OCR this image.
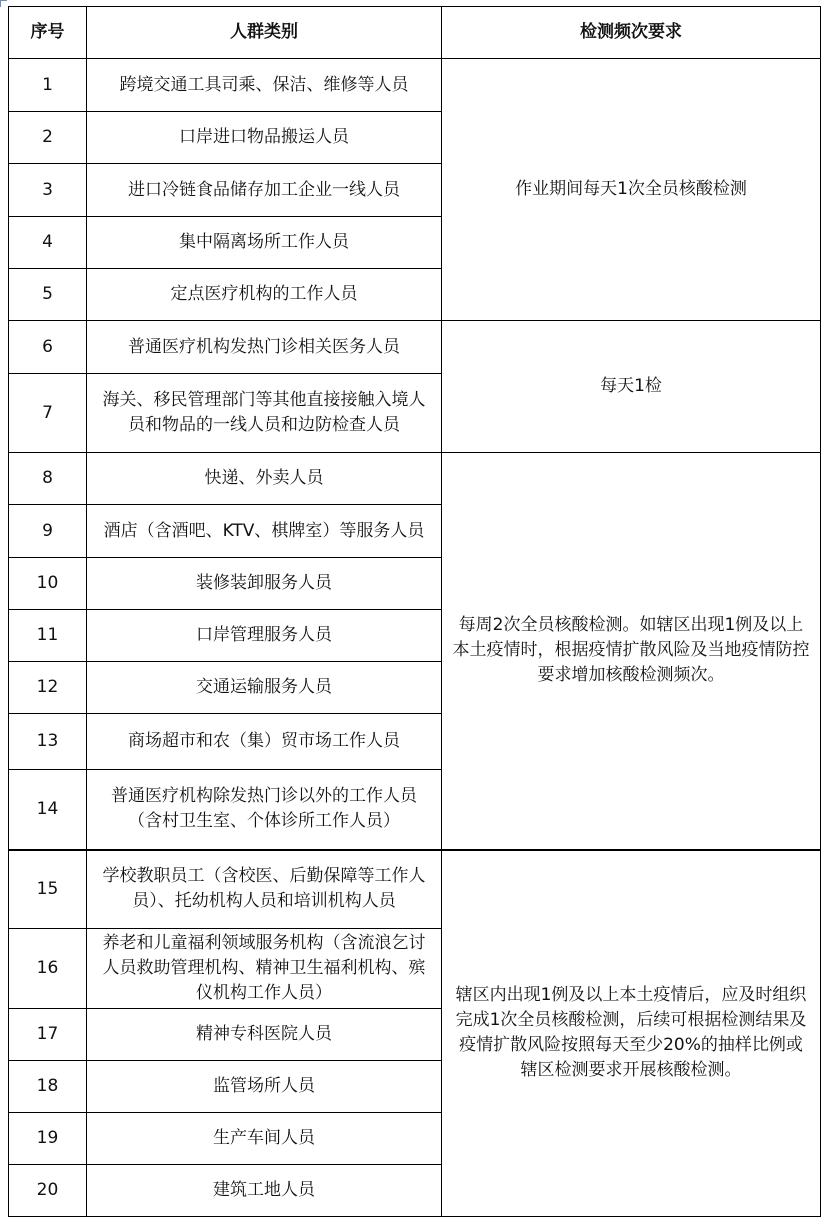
序号	人群类别	检测频次要求
1	跨境交通工具司乘、保洁、维修等人员	作业期间每天1次全员核酸检测
2	口岸进口物品搬运人员	
3	进口冷链食品储存加工企业一线人员	
4	集中隔离场所工作人员	
5	定点医疗机构的工作人员	
6	普通医疗机构发热门诊相关医务人员	每天1检
7	海关、移民管理部门等其他直接接触入境人员和物品的一线人员和边防检查人员	
8	快递、外卖人员	每周2次全员核酸检测。如辖区出现1例及以上本土疫情时，根据疫情扩散风险及当地疫情防控要求增加核酸检测频次。
9	酒店（含酒吧、KTV、棋牌室）等服务人员	
10	装修装卸服务人员	
11	口岸管理服务人员	
12	交通运输服务人员	
13	商场超市和农（集）贸市场工作人员	
14	普通医疗机构除发热门诊以外的工作人员（含村卫生室、个体诊所工作人员）	
15	学校教职员工（含校医、后勤保障等工作人员）、托幼机构人员和培训机构人员	辖区内出现1例及以上本土疫情后，应及时组织完成1次全员核酸检测，后续可根据检测结果及疫情扩散风险按照每天至少20%的抽样比例或辖区检测要求开展核酸检测。
16	养老和儿童福利领域服务机构（含流浪乞讨人员救助管理机构、精神卫生福利机构、殡仪机构工作人员）	
17	精神专科医院人员	
18	监管场所人员	
19	生产车间人员	
20	建筑工地人员	
